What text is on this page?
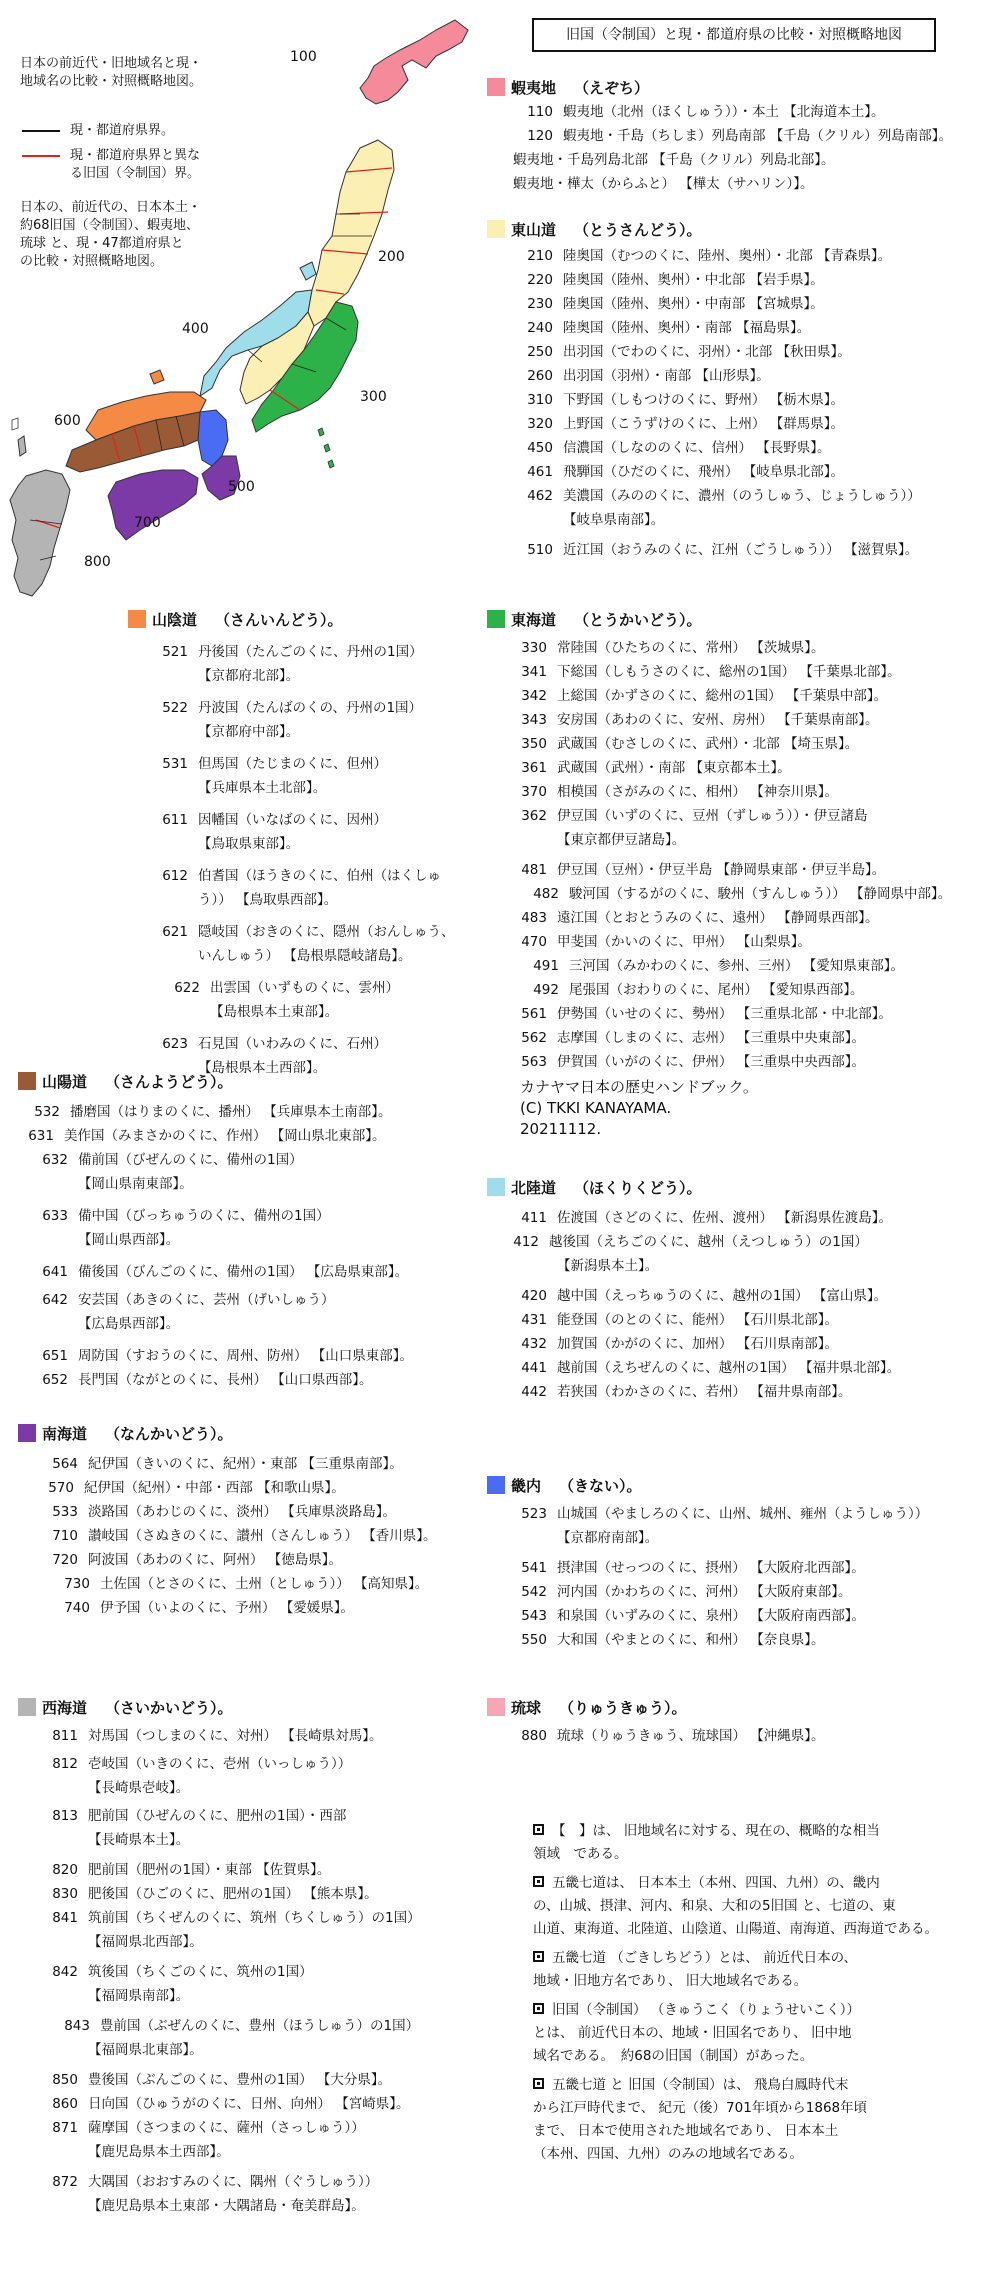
日本の前近代・旧地域名と現・
地域名の比較・対照概略地図。
現・都道府県界。
現・都道府県界と異な
る旧国（令制国）界。
日本の、前近代の、日本本土・
約68旧国（令制国）、蝦夷地、
琉球 と、現・47都道府県と
の比較・対照概略地図。
100
200
300
400
500
600
700
800
旧国（令制国）と現・都道府県の比較・対照概略地図
蝦夷地 （えぞち）
110 蝦夷地（北州（ほくしゅう））・本土 【北海道本土】。
120 蝦夷地・千島（ちしま）列島南部 【千島（クリル）列島南部】。
蝦夷地・千島列島北部 【千島（クリル）列島北部】。
蝦夷地・樺太（からふと） 【樺太（サハリン）】。
東山道 （とうさんどう）。
210 陸奥国（むつのくに、陸州、奥州）・北部 【青森県】。
220 陸奥国（陸州、奥州）・中北部 【岩手県】。
230 陸奥国（陸州、奥州）・中南部 【宮城県】。
240 陸奥国（陸州、奥州）・南部 【福島県】。
250 出羽国（でわのくに、羽州）・北部 【秋田県】。
260 出羽国（羽州）・南部 【山形県】。
310 下野国（しもつけのくに、野州） 【栃木県】。
320 上野国（こうずけのくに、上州） 【群馬県】。
450 信濃国（しなののくに、信州） 【長野県】。
461 飛騨国（ひだのくに、飛州） 【岐阜県北部】。
462 美濃国（みののくに、濃州（のうしゅう、じょうしゅう））
【岐阜県南部】。
510 近江国（おうみのくに、江州（ごうしゅう）） 【滋賀県】。
山陰道 （さんいんどう）。
521 丹後国（たんごのくに、丹州の1国）
【京都府北部】。
522 丹波国（たんばのくの、丹州の1国）
【京都府中部】。
531 但馬国（たじまのくに、但州）
【兵庫県本土北部】。
611 因幡国（いなばのくに、因州）
【鳥取県東部】。
612 伯耆国（ほうきのくに、伯州（はくしゅ
う）） 【鳥取県西部】。
621 隠岐国（おきのくに、隠州（おんしゅう、
いんしゅう） 【島根県隠岐諸島】。
622 出雲国（いずものくに、雲州）
【島根県本土東部】。
623 石見国（いわみのくに、石州）
【島根県本土西部】。
東海道 （とうかいどう）。
330 常陸国（ひたちのくに、常州） 【茨城県】。
341 下総国（しもうさのくに、総州の1国） 【千葉県北部】。
342 上総国（かずさのくに、総州の1国） 【千葉県中部】。
343 安房国（あわのくに、安州、房州） 【千葉県南部】。
350 武蔵国（むさしのくに、武州）・北部 【埼玉県】。
361 武蔵国（武州）・南部 【東京都本土】。
370 相模国（さがみのくに、相州） 【神奈川県】。
362 伊豆国（いずのくに、豆州（ずしゅう））・伊豆諸島
【東京都伊豆諸島】。
481 伊豆国（豆州）・伊豆半島 【静岡県東部・伊豆半島】。
482 駿河国（するがのくに、駿州（すんしゅう）） 【静岡県中部】。
483 遠江国（とおとうみのくに、遠州） 【静岡県西部】。
470 甲斐国（かいのくに、甲州） 【山梨県】。
491 三河国（みかわのくに、参州、三州） 【愛知県東部】。
492 尾張国（おわりのくに、尾州） 【愛知県西部】。
561 伊勢国（いせのくに、勢州） 【三重県北部・中北部】。
562 志摩国（しまのくに、志州） 【三重県中央東部】。
563 伊賀国（いがのくに、伊州） 【三重県中央西部】。
山陽道 （さんようどう）。
532 播磨国（はりまのくに、播州） 【兵庫県本土南部】。
631 美作国（みまさかのくに、作州） 【岡山県北東部】。
632 備前国（びぜんのくに、備州の1国）
【岡山県南東部】。
633 備中国（びっちゅうのくに、備州の1国）
【岡山県西部】。
641 備後国（びんごのくに、備州の1国） 【広島県東部】。
642 安芸国（あきのくに、芸州（げいしゅう）
【広島県西部】。
651 周防国（すおうのくに、周州、防州） 【山口県東部】。
652 長門国（ながとのくに、長州） 【山口県西部】。
カナヤマ日本の歴史ハンドブック。
(C) TKKI KANAYAMA.
20211112.
北陸道 （ほくりくどう）。
411 佐渡国（さどのくに、佐州、渡州） 【新潟県佐渡島】。
412 越後国（えちごのくに、越州（えつしゅう）の1国）
【新潟県本土】。
420 越中国（えっちゅうのくに、越州の1国） 【富山県】。
431 能登国（のとのくに、能州） 【石川県北部】。
432 加賀国（かがのくに、加州） 【石川県南部】。
441 越前国（えちぜんのくに、越州の1国） 【福井県北部】。
442 若狭国（わかさのくに、若州） 【福井県南部】。
南海道 （なんかいどう）。
564 紀伊国（きいのくに、紀州）・東部 【三重県南部】。
570 紀伊国（紀州）・中部・西部 【和歌山県】。
533 淡路国（あわじのくに、淡州） 【兵庫県淡路島】。
710 讃岐国（さぬきのくに、讃州（さんしゅう） 【香川県】。
720 阿波国（あわのくに、阿州） 【徳島県】。
730 土佐国（とさのくに、土州（としゅう）） 【高知県】。
740 伊予国（いよのくに、予州） 【愛媛県】。
畿内 （きない）。
523 山城国（やましろのくに、山州、城州、雍州（ようしゅう））
【京都府南部】。
541 摂津国（せっつのくに、摂州） 【大阪府北西部】。
542 河内国（かわちのくに、河州） 【大阪府東部】。
543 和泉国（いずみのくに、泉州） 【大阪府南西部】。
550 大和国（やまとのくに、和州） 【奈良県】。
西海道 （さいかいどう）。
811 対馬国（つしまのくに、対州） 【長崎県対馬】。
812 壱岐国（いきのくに、壱州（いっしゅう））
【長崎県壱岐】。
813 肥前国（ひぜんのくに、肥州の1国）・西部
【長崎県本土】。
820 肥前国（肥州の1国）・東部 【佐賀県】。
830 肥後国（ひごのくに、肥州の1国） 【熊本県】。
841 筑前国（ちくぜんのくに、筑州（ちくしゅう）の1国）
【福岡県北西部】。
842 筑後国（ちくごのくに、筑州の1国）
【福岡県南部】。
843 豊前国（ぶぜんのくに、豊州（ほうしゅう）の1国）
【福岡県北東部】。
850 豊後国（ぶんごのくに、豊州の1国） 【大分県】。
860 日向国（ひゅうがのくに、日州、向州） 【宮崎県】。
871 薩摩国（さつまのくに、薩州（さっしゅう））
【鹿児島県本土西部】。
872 大隅国（おおすみのくに、隅州（ぐうしゅう））
【鹿児島県本土東部・大隅諸島・奄美群島】。
琉球 （りゅうきゅう）。
880 琉球（りゅうきゅう、琉球国） 【沖縄県】。
【　】は、 旧地域名に対する、現在の、概略的な相当
領域　である。
五畿七道は、 日本本土（本州、四国、九州）の、畿内
の、山城、摂津、河内、和泉、大和の5旧国 と、七道の、東
山道、東海道、北陸道、山陰道、山陽道、南海道、西海道である。
五畿七道 （ごきしちどう）とは、 前近代日本の、
地域・旧地方名であり、 旧大地域名である。
旧国（令制国） （きゅうこく（りょうせいこく））
とは、 前近代日本の、地域・旧国名であり、 旧中地
域名である。　約68の旧国（制国）があった。
五畿七道 と 旧国（令制国）は、 飛鳥白鳳時代末
から江戸時代まで、 紀元（後）701年頃から1868年頃
まで、 日本で使用された地域名であり、 日本本土
（本州、四国、九州）のみの地域名である。
